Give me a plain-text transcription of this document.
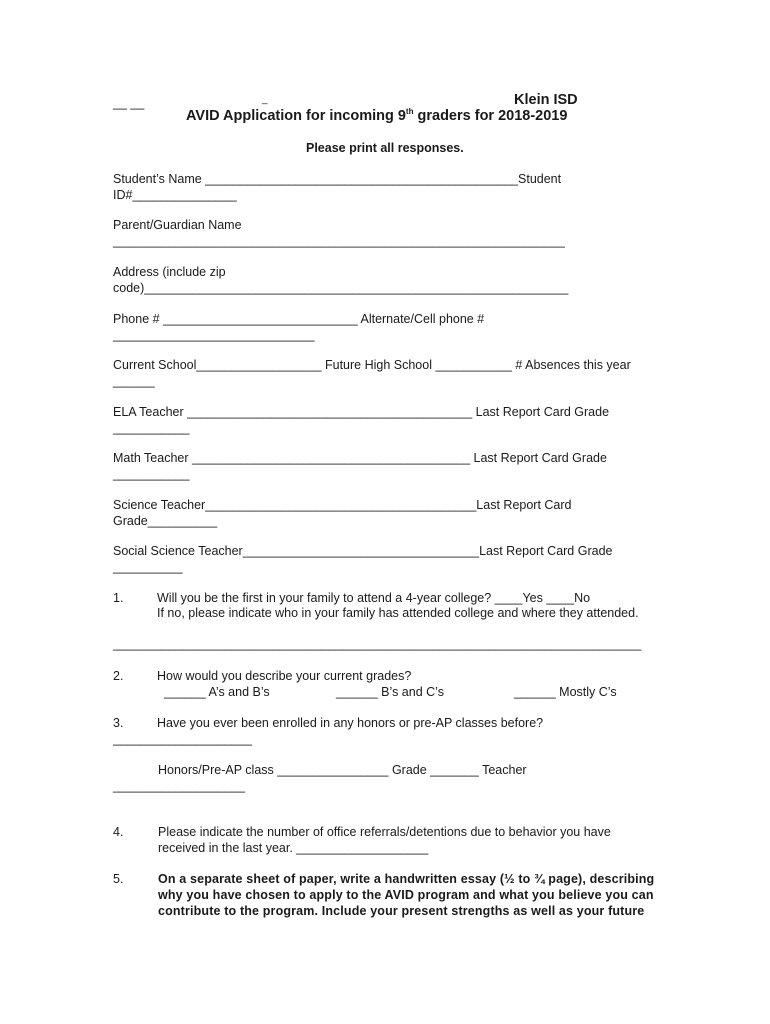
__ __	_	Klein ISD
AVID Application for incoming 9th graders for 2018-2019
Please print all responses.
Student’s Name _____________________________________________Student
ID#_______________
Parent/Guardian Name
_________________________________________________________________
Address (include zip
code)_____________________________________________________________
Phone # ____________________________ Alternate/Cell phone #
_____________________________
Current School__________________ Future High School ___________ # Absences this year
______
ELA Teacher _________________________________________ Last Report Card Grade
___________
Math Teacher ________________________________________ Last Report Card Grade
___________
Science Teacher_______________________________________Last Report Card
Grade__________
Social Science Teacher__________________________________Last Report Card Grade
__________
1.	Will you be the first in your family to attend a 4-year college? ____Yes ____No
If no, please indicate who in your family has attended college and where they attended.
____________________________________________________________________________
2.	How would you describe your current grades?
______ A’s and B’s	______ B’s and C’s	______ Mostly C’s
3.	Have you ever been enrolled in any honors or pre-AP classes before?
____________________
Honors/Pre-AP class ________________ Grade _______ Teacher
___________________
4.	Please indicate the number of office referrals/detentions due to behavior you have
received in the last year. ___________________
5.	On a separate sheet of paper, write a handwritten essay (½ to ¾ page), describing
why you have chosen to apply to the AVID program and what you believe you can
contribute to the program. Include your present strengths as well as your future
